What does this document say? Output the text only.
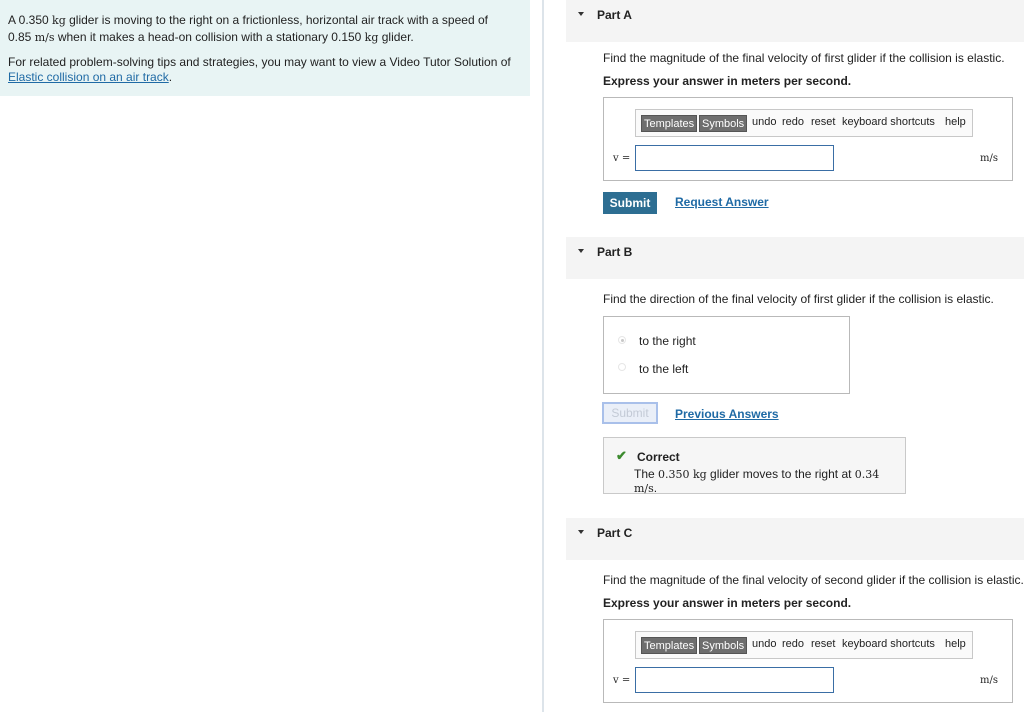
A 0.350 kg glider is moving to the right on a frictionless, horizontal air track with a speed of

0.85 m/s when it makes a head-on collision with a stationary 0.150 kg glider.

For related problem-solving tips and strategies, you may want to view a Video Tutor Solution of
Elastic collision on an air track.
Part A
Find the magnitude of the final velocity of first glider if the collision is elastic.
Express your answer in meters per second.
Templates Symbols undo redo reset keyboard shortcuts help
v =	m/s
Submit	Request Answer
Part B
Find the direction of the final velocity of first glider if the collision is elastic.
to the right
to the left
Submit	Previous Answers
✔ Correct
The 0.350 kg glider moves to the right at 0.34 m/s.
Part C
Find the magnitude of the final velocity of second glider if the collision is elastic.
Express your answer in meters per second.
Templates Symbols undo redo reset keyboard shortcuts help
v =	m/s
